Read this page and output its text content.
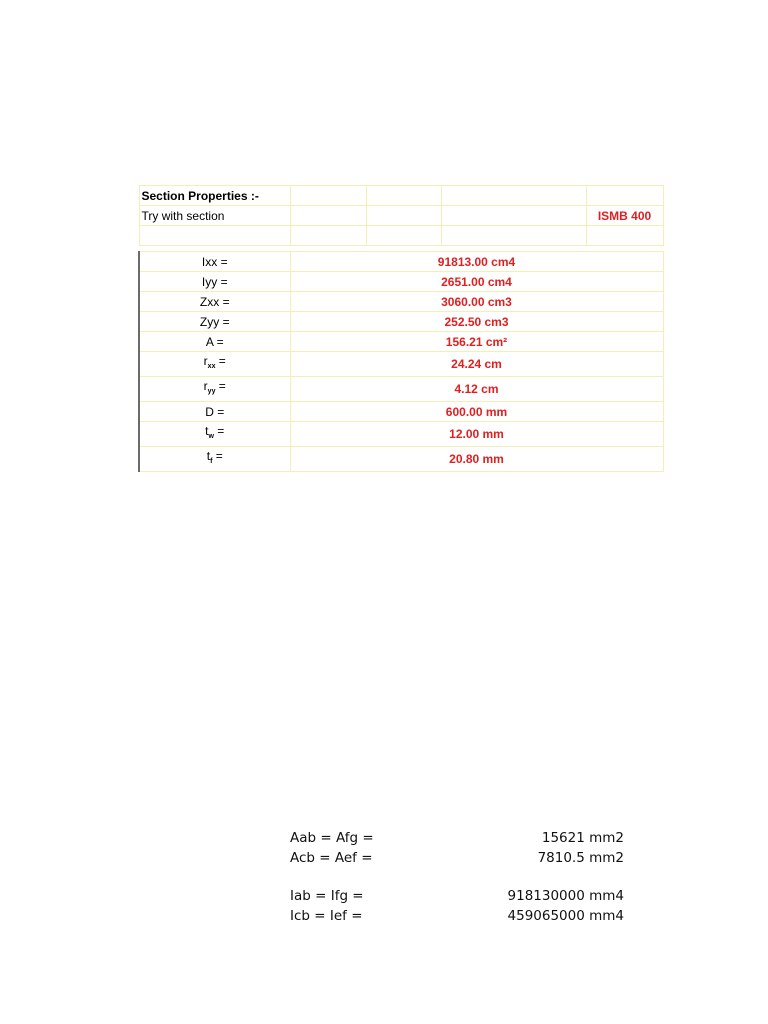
Section Properties :-				
Try with section				ISMB 400

Ixx =	91813.00 cm4			
Iyy =	2651.00 cm4			
Zxx =	3060.00 cm3			
Zyy =	252.50 cm3			
A =	156.21 cm²			
$r_{xx}$ =	24.24 cm			
$r_{yy}$ =	4.12 cm			
D =	600.00 mm			
$t_w$ =	12.00 mm			
$t_f$ =	20.80 mm			
Aab = Afg =	15621 mm2
Acb = Aef =	7810.5 mm2
Iab = Ifg =	918130000 mm4
Icb = Ief =	459065000 mm4
